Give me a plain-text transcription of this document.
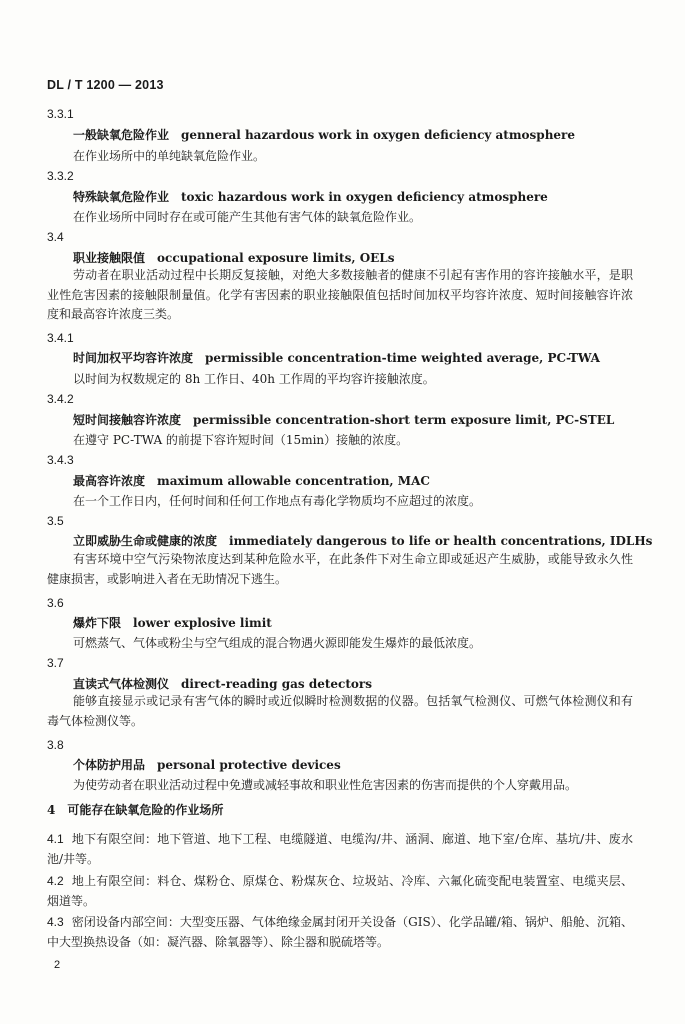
DL / T 1200 — 2013
3.3.1
一般缺氧危险作业 genneral hazardous work in oxygen deficiency atmosphere
在作业场所中的单纯缺氧危险作业。
3.3.2
特殊缺氧危险作业 toxic hazardous work in oxygen deficiency atmosphere
在作业场所中同时存在或可能产生其他有害气体的缺氧危险作业。
3.4
职业接触限值 occupational exposure limits, OELs
劳动者在职业活动过程中长期反复接触，对绝大多数接触者的健康不引起有害作用的容许接触水平，是职业性危害因素的接触限制量值。化学有害因素的职业接触限值包括时间加权平均容许浓度、短时间接触容许浓度和最高容许浓度三类。
3.4.1
时间加权平均容许浓度 permissible concentration-time weighted average, PC-TWA
以时间为权数规定的 8h 工作日、40h 工作周的平均容许接触浓度。
3.4.2
短时间接触容许浓度 permissible concentration-short term exposure limit, PC-STEL
在遵守 PC-TWA 的前提下容许短时间（15min）接触的浓度。
3.4.3
最高容许浓度 maximum allowable concentration, MAC
在一个工作日内，任何时间和任何工作地点有毒化学物质均不应超过的浓度。
3.5
立即威胁生命或健康的浓度 immediately dangerous to life or health concentrations, IDLHs
有害环境中空气污染物浓度达到某种危险水平，在此条件下对生命立即或延迟产生威胁，或能导致永久性健康损害，或影响进入者在无助情况下逃生。
3.6
爆炸下限 lower explosive limit
可燃蒸气、气体或粉尘与空气组成的混合物遇火源即能发生爆炸的最低浓度。
3.7
直读式气体检测仪 direct-reading gas detectors
能够直接显示或记录有害气体的瞬时或近似瞬时检测数据的仪器。包括氧气检测仪、可燃气体检测仪和有毒气体检测仪等。
3.8
个体防护用品 personal protective devices
为使劳动者在职业活动过程中免遭或减轻事故和职业性危害因素的伤害而提供的个人穿戴用品。
4 可能存在缺氧危险的作业场所
4.1 地下有限空间：地下管道、地下工程、电缆隧道、电缆沟/井、涵洞、廊道、地下室/仓库、基坑/井、废水池/井等。
4.2 地上有限空间：料仓、煤粉仓、原煤仓、粉煤灰仓、垃圾站、冷库、六氟化硫变配电装置室、电缆夹层、烟道等。
4.3 密闭设备内部空间：大型变压器、气体绝缘金属封闭开关设备（GIS）、化学品罐/箱、锅炉、船舱、沉箱、中大型换热设备（如：凝汽器、除氧器等）、除尘器和脱硫塔等。
2
